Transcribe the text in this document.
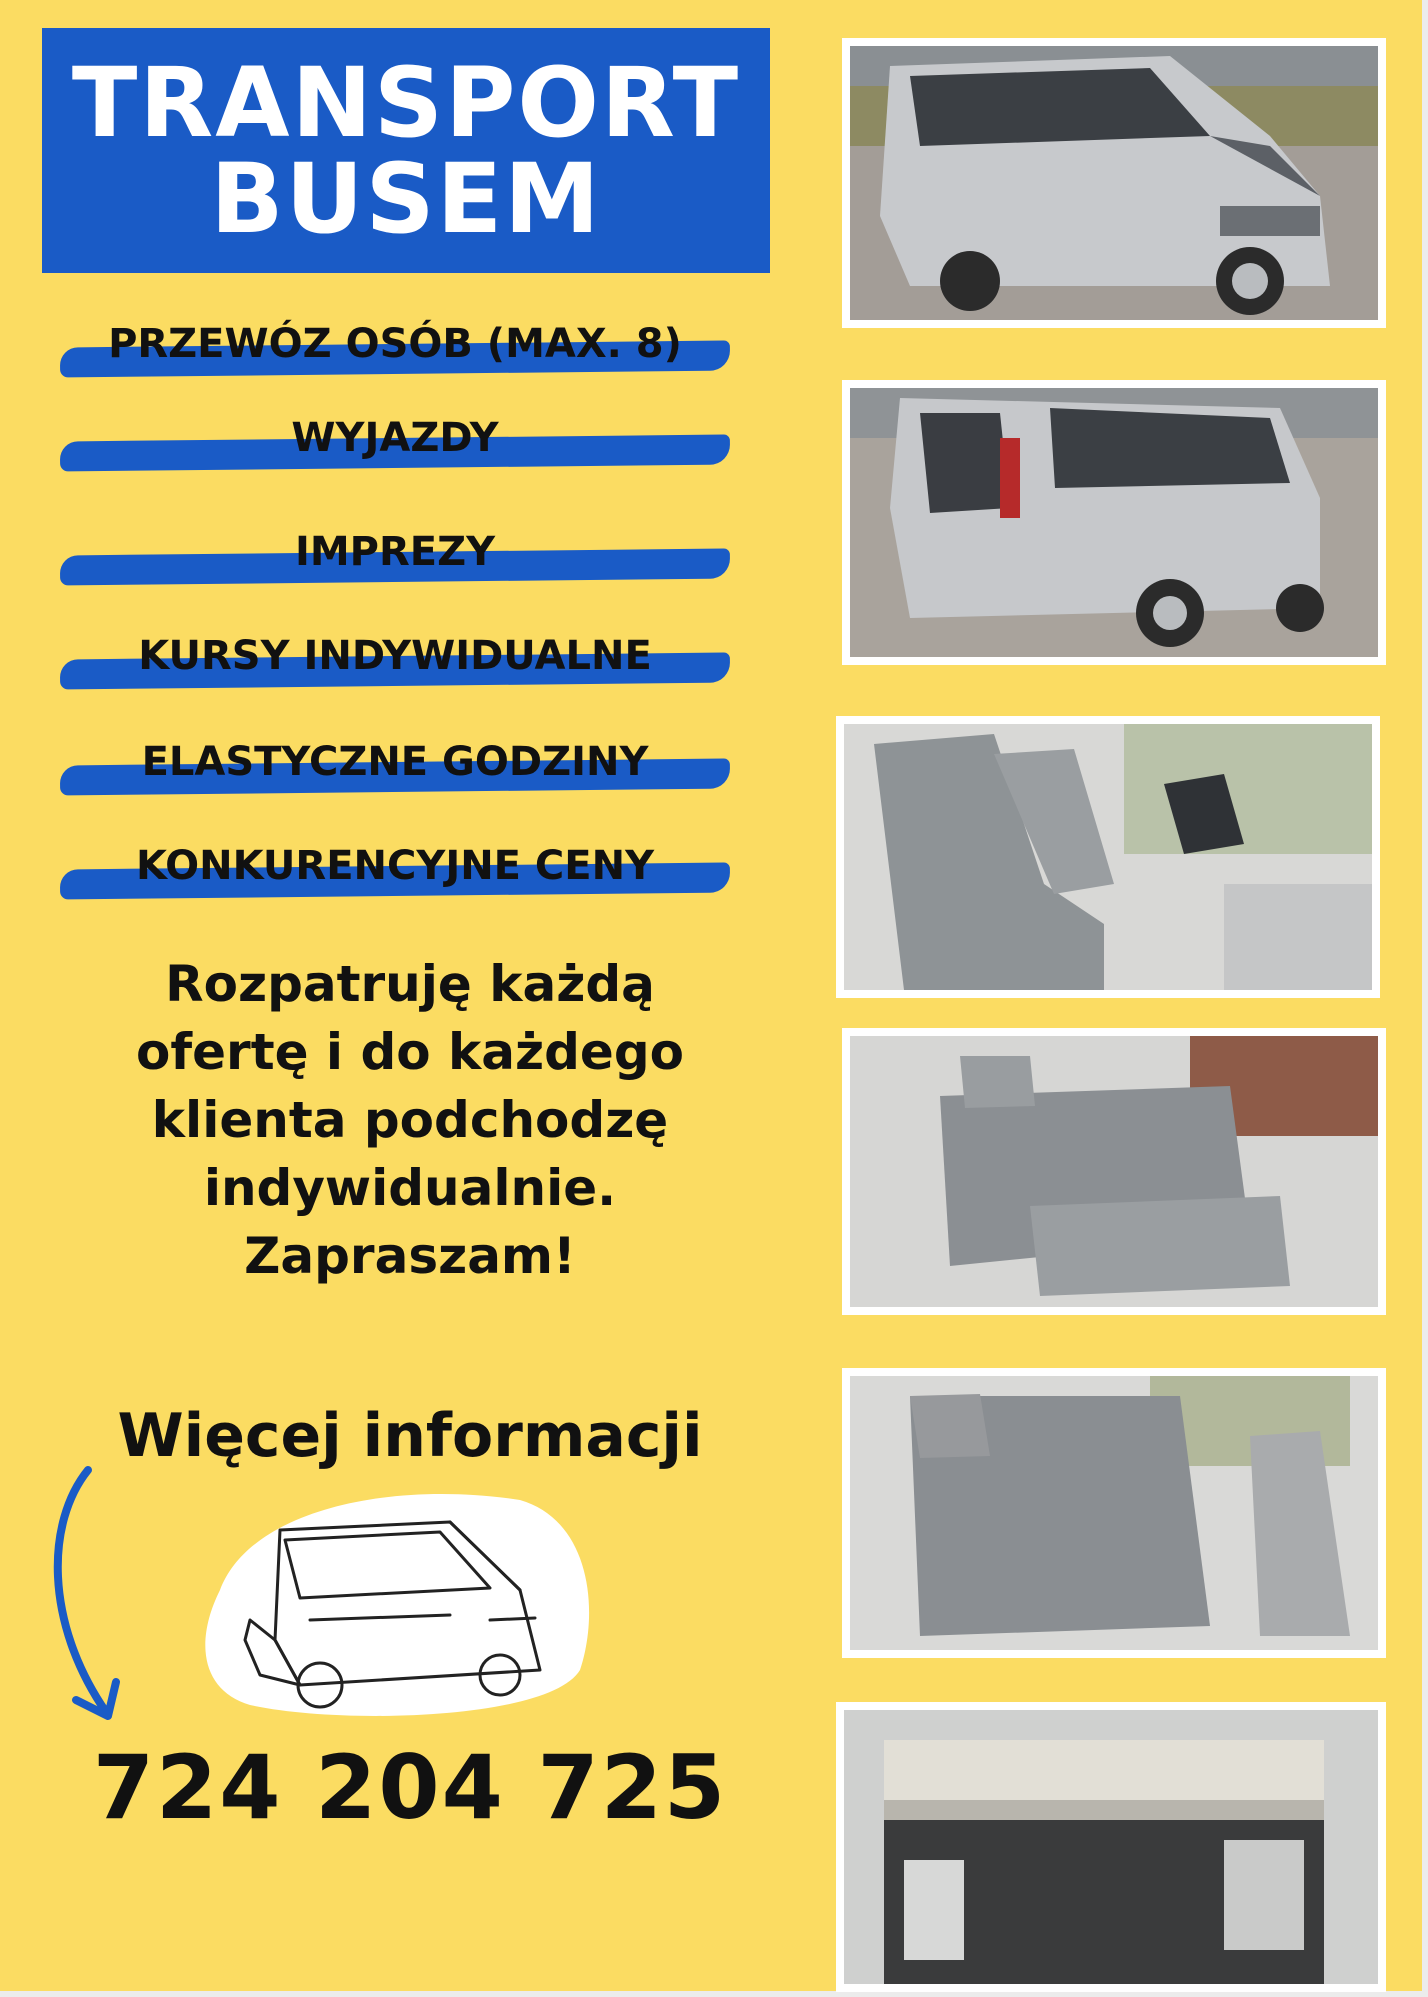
TRANSPORT
BUSEM
PRZEWÓZ OSÓB (MAX. 8)
WYJAZDY
IMPREZY
KURSY INDYWIDUALNE
ELASTYCZNE GODZINY
KONKURENCYJNE CENY
Rozpatruję każdą
ofertę i do każdego
klienta podchodzę
indywidualnie.
Zapraszam!
Więcej informacji
724 204 725
